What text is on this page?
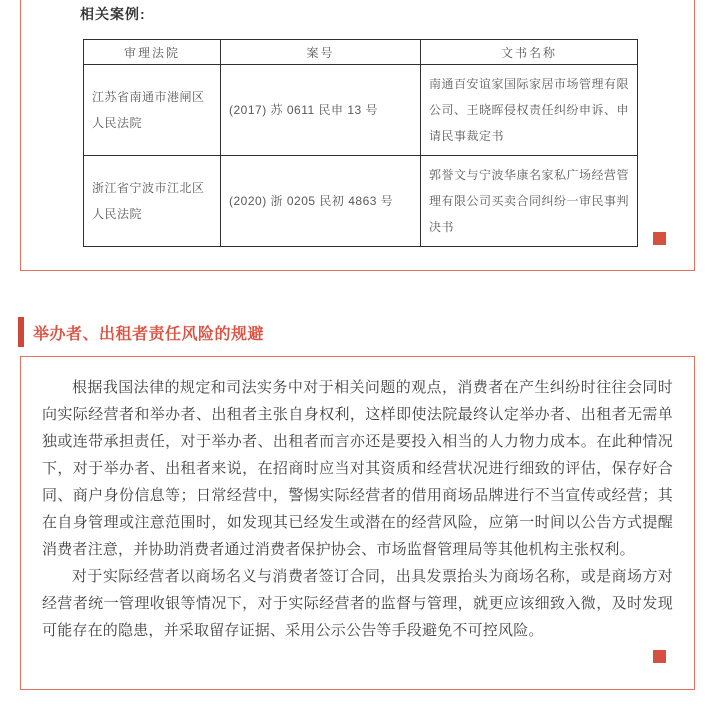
相关案例:
审理法院	案号	文书名称
江苏省南通市港闸区人民法院	(2017) 苏 0611 民申 13 号	南通百安谊家国际家居市场管理有限公司、王晓晖侵权责任纠纷申诉、申请民事裁定书
浙江省宁波市江北区人民法院	(2020) 浙 0205 民初 4863 号	郭誉文与宁波华康名家私广场经营管理有限公司买卖合同纠纷一审民事判决书
举办者、出租者责任风险的规避

根据我国法律的规定和司法实务中对于相关问题的观点，消费者在产生纠纷时往往会同时向实际经营者和举办者、出租者主张自身权利，这样即使法院最终认定举办者、出租者无需单独或连带承担责任，对于举办者、出租者而言亦还是要投入相当的人力物力成本。在此种情况下，对于举办者、出租者来说，在招商时应当对其资质和经营状况进行细致的评估，保存好合同、商户身份信息等；日常经营中，警惕实际经营者的借用商场品牌进行不当宣传或经营；其在自身管理或注意范围时，如发现其已经发生或潜在的经营风险，应第一时间以公告方式提醒消费者注意，并协助消费者通过消费者保护协会、市场监督管理局等其他机构主张权利。

对于实际经营者以商场名义与消费者签订合同，出具发票抬头为商场名称，或是商场方对经营者统一管理收银等情况下，对于实际经营者的监督与管理，就更应该细致入微，及时发现可能存在的隐患，并采取留存证据、采用公示公告等手段避免不可控风险。
